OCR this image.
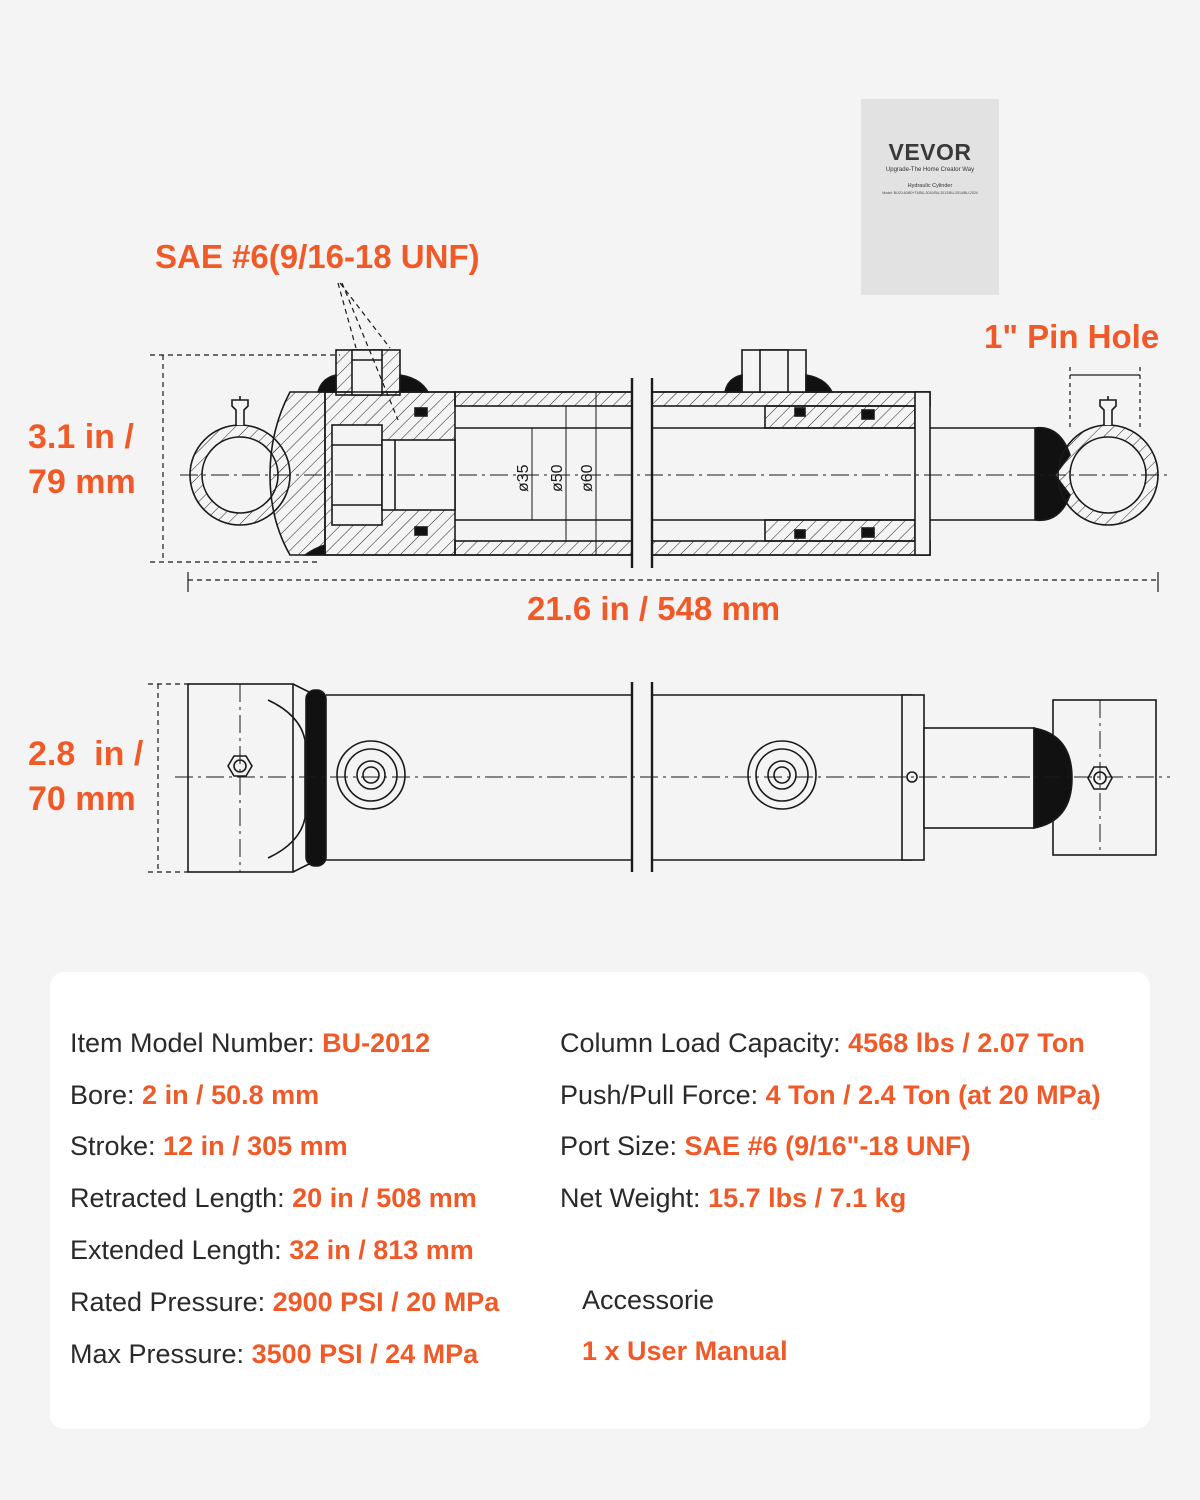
ø35 ø50 ø60
SAE #6(9/16-18 UNF)
1" Pin Hole
3.1 in /
79 mm
21.6 in / 548 mm
2.8  in /
70 mm
VEVOR
Upgrade-The Home Creator Way
Hydraulic Cylinder
Model: BU20-60/80+T4/BU-2010/BU-2012/BU-2014/BU-2024
Item Model Number: BU-2012
Bore: 2 in / 50.8 mm
Stroke: 12 in / 305 mm
Retracted Length: 20 in / 508 mm
Extended Length: 32 in / 813 mm
Rated Pressure: 2900 PSI / 20 MPa
Max Pressure: 3500 PSI / 24 MPa
Column Load Capacity: 4568 lbs / 2.07 Ton
Push/Pull Force: 4 Ton / 2.4 Ton (at 20 MPa)
Port Size: SAE #6 (9/16"-18 UNF)
Net Weight: 15.7 lbs / 7.1 kg
Accessorie
1 x User Manual
